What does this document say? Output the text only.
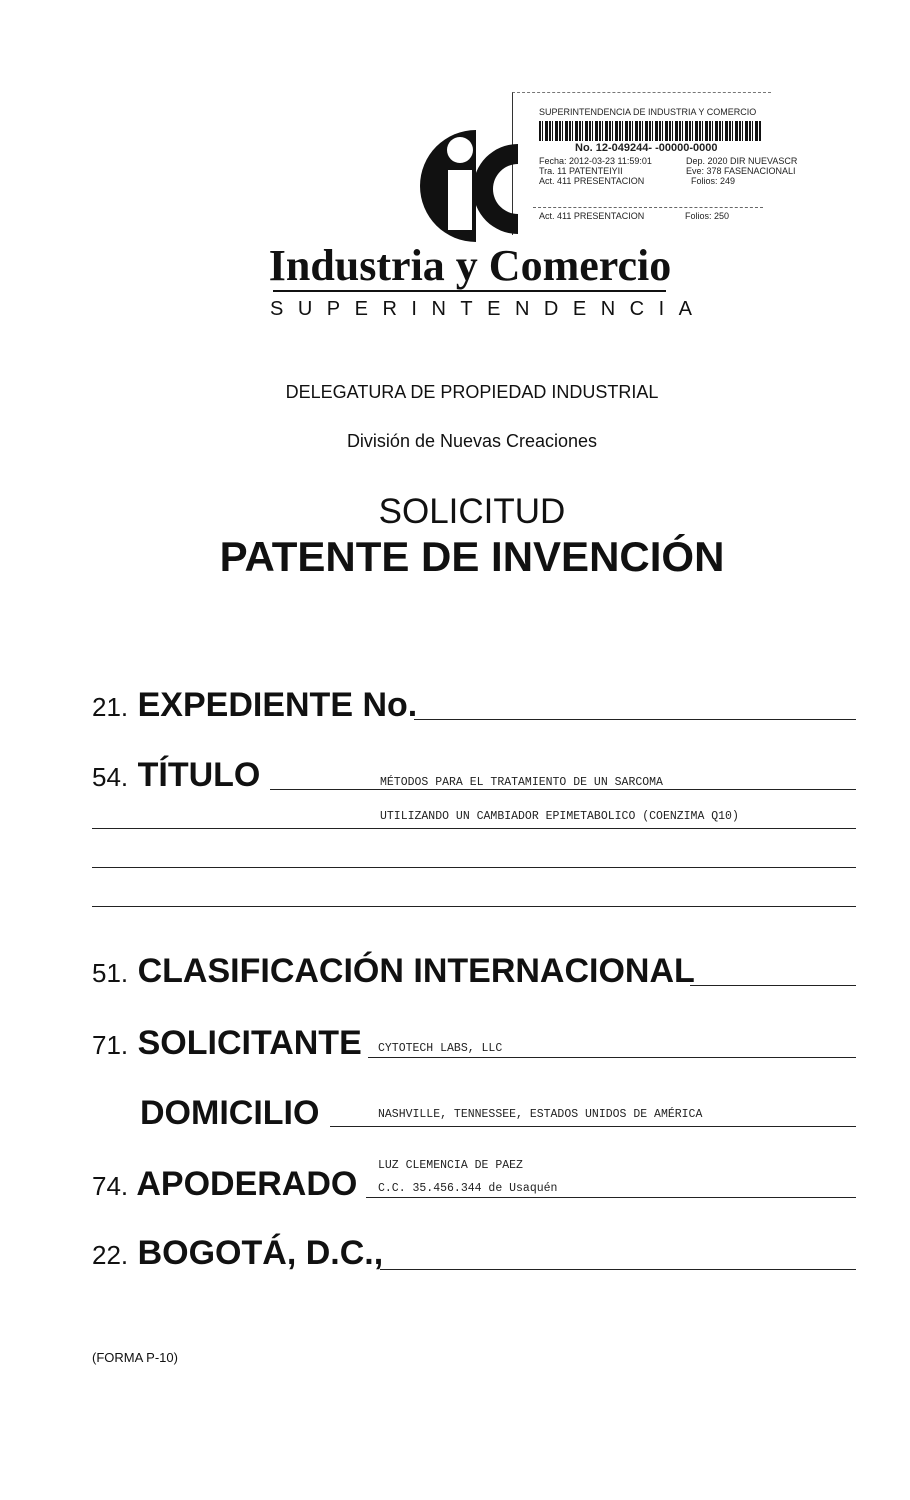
SUPERINTENDENCIA DE INDUSTRIA Y COMERCIO
No. 12-049244- -00000-0000
Fecha: 2012-03-23 11:59:01	Dep. 2020 DIR NUEVASCR
Tra. 11 PATENTEIYII	Eve: 378 FASENACIONALI
Act. 411 PRESENTACION	Folios: 249
Act. 411 PRESENTACION	Folios: 250
Industria y Comercio
SUPERINTENDENCIA
DELEGATURA DE PROPIEDAD INDUSTRIAL
División de Nuevas Creaciones
SOLICITUD
PATENTE DE INVENCIÓN
21. EXPEDIENTE No.
54. TÍTULO	MÉTODOS PARA EL TRATAMIENTO DE UN SARCOMA
UTILIZANDO UN CAMBIADOR EPIMETABOLICO (COENZIMA Q10)
51. CLASIFICACIÓN INTERNACIONAL
71. SOLICITANTE CYTOTECH LABS, LLC
DOMICILIO	NASHVILLE, TENNESSEE, ESTADOS UNIDOS DE AMÉRICA
LUZ CLEMENCIA DE PAEZ
74. APODERADO C.C. 35.456.344 de Usaquén
22. BOGOTÁ, D.C.,
(FORMA P-10)
